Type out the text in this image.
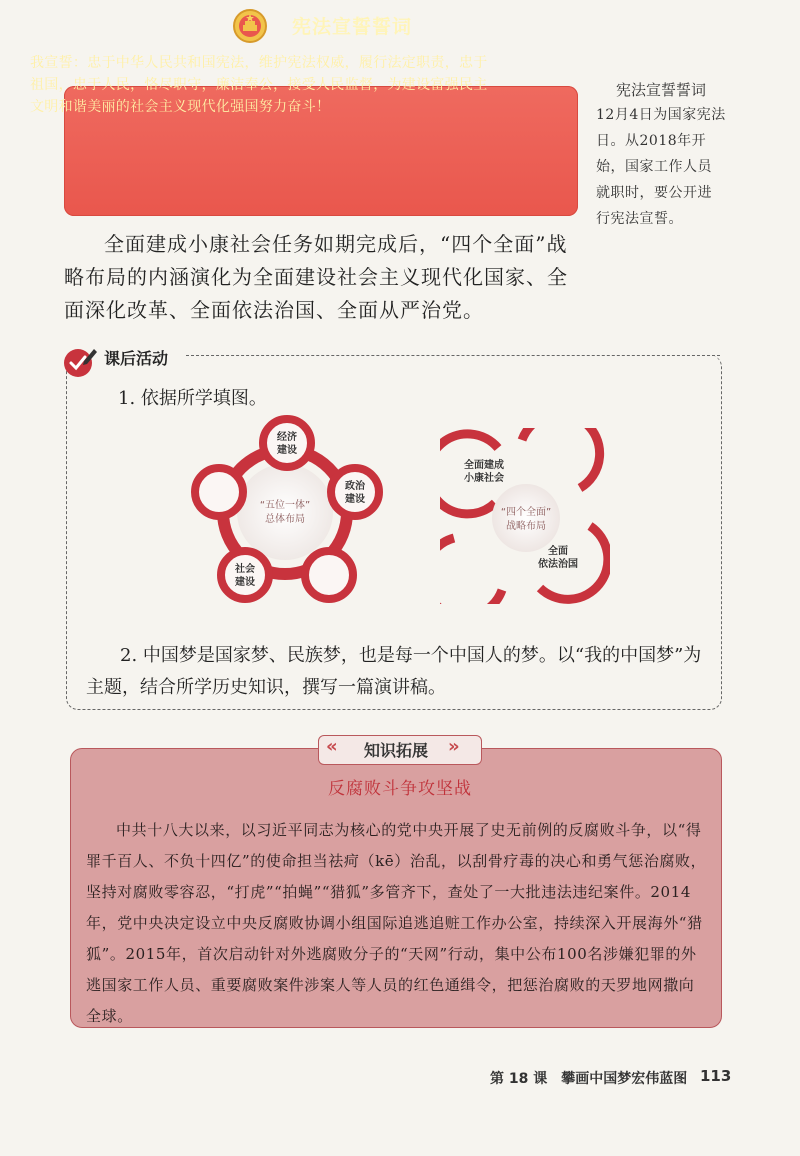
宪法宣誓誓词
我宣誓：忠于中华人民共和国宪法，维护宪法权威，履行法定职责，忠于祖国，忠于人民，恪尽职守，廉洁奉公，接受人民监督，为建设富强民主文明和谐美丽的社会主义现代化强国努力奋斗！
宪法宣誓誓词
12月4日为国家宪法日。从2018年开始，国家工作人员就职时，要公开进行宪法宣誓。
全面建成小康社会任务如期完成后，“四个全面”战略布局的内涵演化为全面建设社会主义现代化国家、全面深化改革、全面依法治国、全面从严治党。
课后活动
1. 依据所学填图。
经济
建设
政治
建设
社会
建设
“五位一体”
总体布局
全面建成
小康社会
全面
依法治国
“四个全面”
战略布局
2. 中国梦是国家梦、民族梦，也是每一个中国人的梦。以“我的中国梦”为主题，结合所学历史知识，撰写一篇演讲稿。
« 知识拓展 »
反腐败斗争攻坚战
中共十八大以来，以习近平同志为核心的党中央开展了史无前例的反腐败斗争，以“得罪千百人、不负十四亿”的使命担当祛疴（kē）治乱，以刮骨疗毒的决心和勇气惩治腐败，坚持对腐败零容忍，“打虎”“拍蝇”“猎狐”多管齐下，查处了一大批违法违纪案件。2014年，党中央决定设立中央反腐败协调小组国际追逃追赃工作办公室，持续深入开展海外“猎狐”。2015年，首次启动针对外逃腐败分子的“天网”行动，集中公布100名涉嫌犯罪的外逃国家工作人员、重要腐败案件涉案人等人员的红色通缉令，把惩治腐败的天罗地网撒向全球。
第 18 课　攀画中国梦宏伟蓝图 113
